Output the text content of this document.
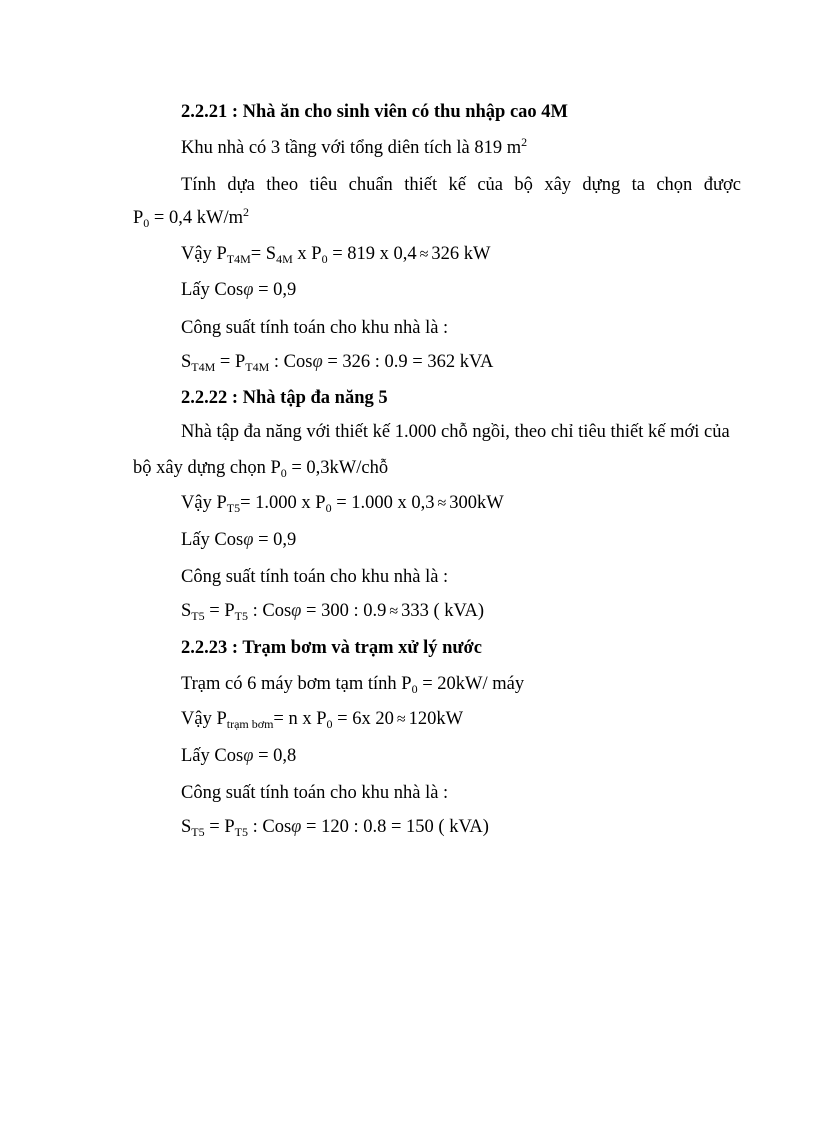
2.2.21 : Nhà ăn cho sinh viên có thu nhập cao 4M
Khu nhà có 3 tầng với tổng diên tích là 819 $m^2$
Tính dựa theo tiêu chuẩn thiết kế của bộ xây dựng ta chọn được
$P_0 = 0,4$ $kW/m^2$
Vậy $P_{T4M}= S_{4M}$ x $P_0 = 819$ x 0,4 ≈ 326 kW
Lấy Cosφ = 0,9
Công suất tính toán cho khu nhà là :
$S_{T4M} = P_{T4M}$ : Cosφ = 326 : 0.9 = 362 kVA
2.2.22 : Nhà tập đa năng 5
Nhà tập đa năng với thiết kế 1.000 chỗ ngồi, theo chỉ tiêu thiết kế mới của
bộ xây dựng chọn $P_0$ = 0,3kW/chỗ
Vậy $P_{T5}= 1.000$ x $P_0 = 1.000$ x 0,3 ≈ 300kW
Lấy Cosφ = 0,9
Công suất tính toán cho khu nhà là :
$S_{T5} = P_{T5}$ : Cosφ = 300 : 0.9 ≈ 333 ( kVA)
2.2.23 : Trạm bơm và trạm xử lý nước
Trạm có 6 máy bơm tạm tính $P_0 = 20kW/$ máy
Vậy $P_{trạm bơm}= n$ x $P_0 = 6x$ 20 ≈ 120kW
Lấy Cosφ = 0,8
Công suất tính toán cho khu nhà là :
$S_{T5} = P_{T5}$ : Cosφ = 120 : 0.8 = 150 ( kVA)
